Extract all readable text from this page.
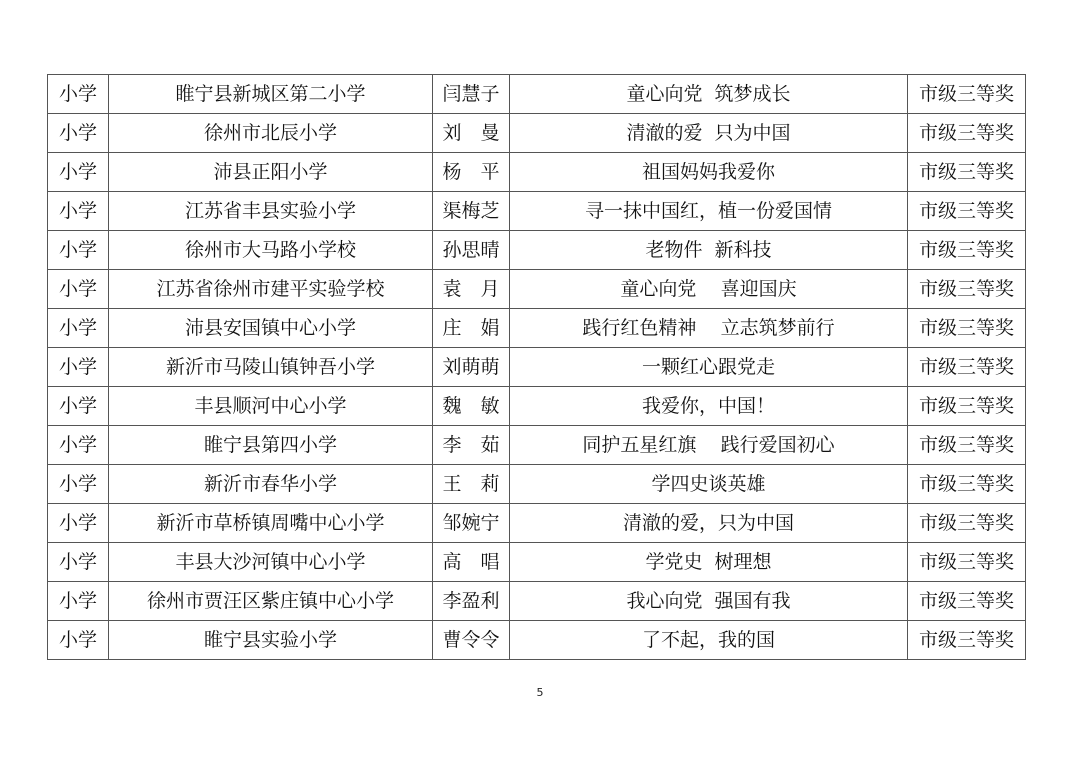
小学	睢宁县新城区第二小学	闫慧子	童心向党  筑梦成长	市级三等奖
小学	徐州市北辰小学	刘　曼	清澈的爱  只为中国	市级三等奖
小学	沛县正阳小学	杨　平	祖国妈妈我爱你	市级三等奖
小学	江苏省丰县实验小学	渠梅芝	寻一抹中国红，植一份爱国情	市级三等奖
小学	徐州市大马路小学校	孙思晴	老物件  新科技	市级三等奖
小学	江苏省徐州市建平实验学校	袁　月	童心向党    喜迎国庆	市级三等奖
小学	沛县安国镇中心小学	庄　娟	践行红色精神    立志筑梦前行	市级三等奖
小学	新沂市马陵山镇钟吾小学	刘萌萌	一颗红心跟党走	市级三等奖
小学	丰县顺河中心小学	魏　敏	我爱你，中国！	市级三等奖
小学	睢宁县第四小学	李　茹	同护五星红旗    践行爱国初心	市级三等奖
小学	新沂市春华小学	王　莉	学四史谈英雄	市级三等奖
小学	新沂市草桥镇周嘴中心小学	邹婉宁	清澈的爱，只为中国	市级三等奖
小学	丰县大沙河镇中心小学	高　唱	学党史  树理想	市级三等奖
小学	徐州市贾汪区紫庄镇中心小学	李盈利	我心向党  强国有我	市级三等奖
小学	睢宁县实验小学	曹令令	了不起，我的国	市级三等奖
5
